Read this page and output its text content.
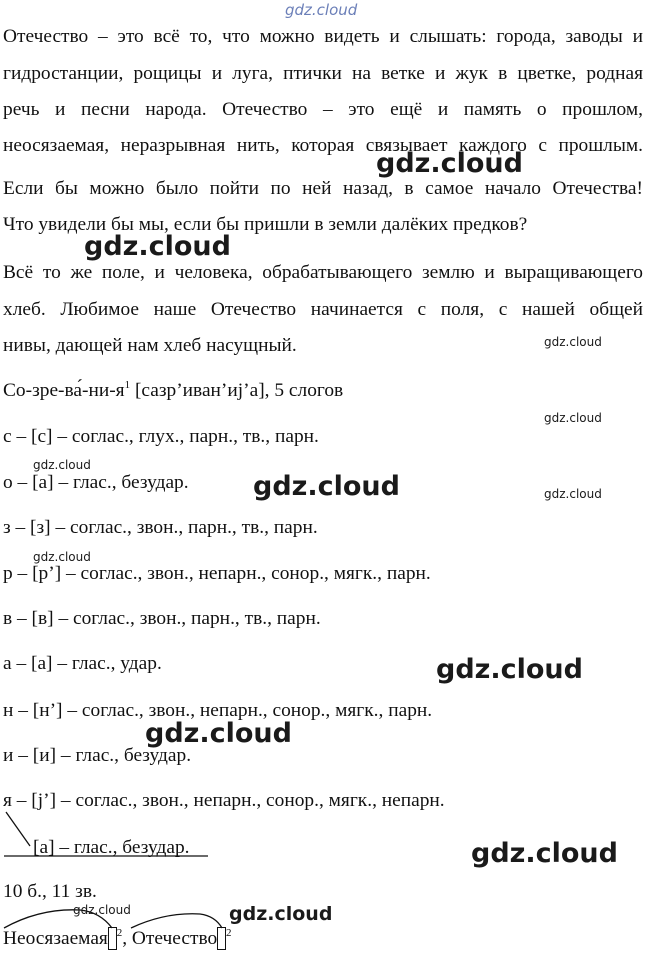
gdz.cloud
Отечество – это всё то, что можно видеть и слышать: города, заводы и
гидростанции, рощицы и луга, птички на ветке и жук в цветке, родная
речь и песни народа. Отечество – это ещё и память о прошлом,
неосязаемая, неразрывная нить, которая связывает каждого с прошлым.
Если бы можно было пойти по ней назад, в самое начало Отечества!
Что увидели бы мы, если бы пришли в земли далёких предков?
Всё то же поле, и человека, обрабатывающего землю и выращивающего
хлеб. Любимое наше Отечество начинается с поля, с нашей общей
нивы, дающей нам хлеб насущный.
$Со-зре-ва́-ни-я^1$ [сазр’иван’иj’а], 5 слогов
с – [с] – соглас., глух., парн., тв., парн.
о – [а] – глас., безудар.
з – [з] – соглас., звон., парн., тв., парн.
р – [р’] – соглас., звон., непарн., сонор., мягк., парн.
в – [в] – соглас., звон., парн., тв., парн.
а – [а] – глас., удар.
н – [н’] – соглас., звон., непарн., сонор., мягк., парн.
и – [и] – глас., безудар.
я – [j’] – соглас., звон., непарн., сонор., мягк., непарн.
[а] – глас., безудар.
10 б., 11 зв.
Неосязаемая $^2$, Отечество $^2$
gdz.cloud
gdz.cloud
gdz.cloud
gdz.cloud
gdz.cloud
gdz.cloud
gdz.cloud
gdz.cloud
gdz.cloud
gdz.cloud
gdz.cloud
gdz.cloud
gdz.cloud
